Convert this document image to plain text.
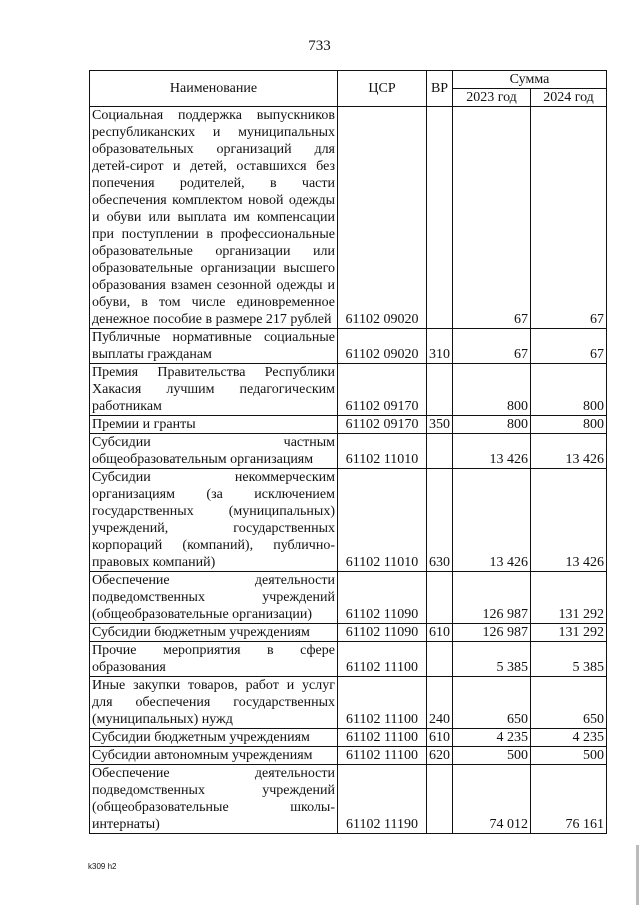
733
Наименование	ЦСР	ВР	Сумма	
			2023 год	2024 год
Социальная поддержка выпускников республиканских и муниципальных образовательных организаций для детей-сирот и детей, оставшихся без попечения родителей, в части обеспечения комплектом новой одежды и обуви или выплата им компенсации при поступлении в профессиональные образовательные организации или образовательные организации высшего образования взамен сезонной одежды и обуви, в том числе единовременное денежное пособие в размере 217 рублей	61102 09020		67	67
Публичные нормативные социальные выплаты гражданам	61102 09020	310	67	67
Премия Правительства Республики Хакасия лучшим педагогическим работникам	61102 09170		800	800
Премии и гранты	61102 09170	350	800	800
Субсидии частным общеобразовательным организациям	61102 11010		13 426	13 426
Субсидии некоммерческим организациям (за исключением государственных (муниципальных) учреждений, государственных корпораций (компаний), публично-правовых компаний)	61102 11010	630	13 426	13 426
Обеспечение деятельности подведомственных учреждений (общеобразовательные организации)	61102 11090		126 987	131 292
Субсидии бюджетным учреждениям	61102 11090	610	126 987	131 292
Прочие мероприятия в сфере образования	61102 11100		5 385	5 385
Иные закупки товаров, работ и услуг для обеспечения государственных (муниципальных) нужд	61102 11100	240	650	650
Субсидии бюджетным учреждениям	61102 11100	610	4 235	4 235
Субсидии автономным учреждениям	61102 11100	620	500	500
Обеспечение деятельности подведомственных учреждений (общеобразовательные школы-интернаты)	61102 11190		74 012	76 161
k309 h2
